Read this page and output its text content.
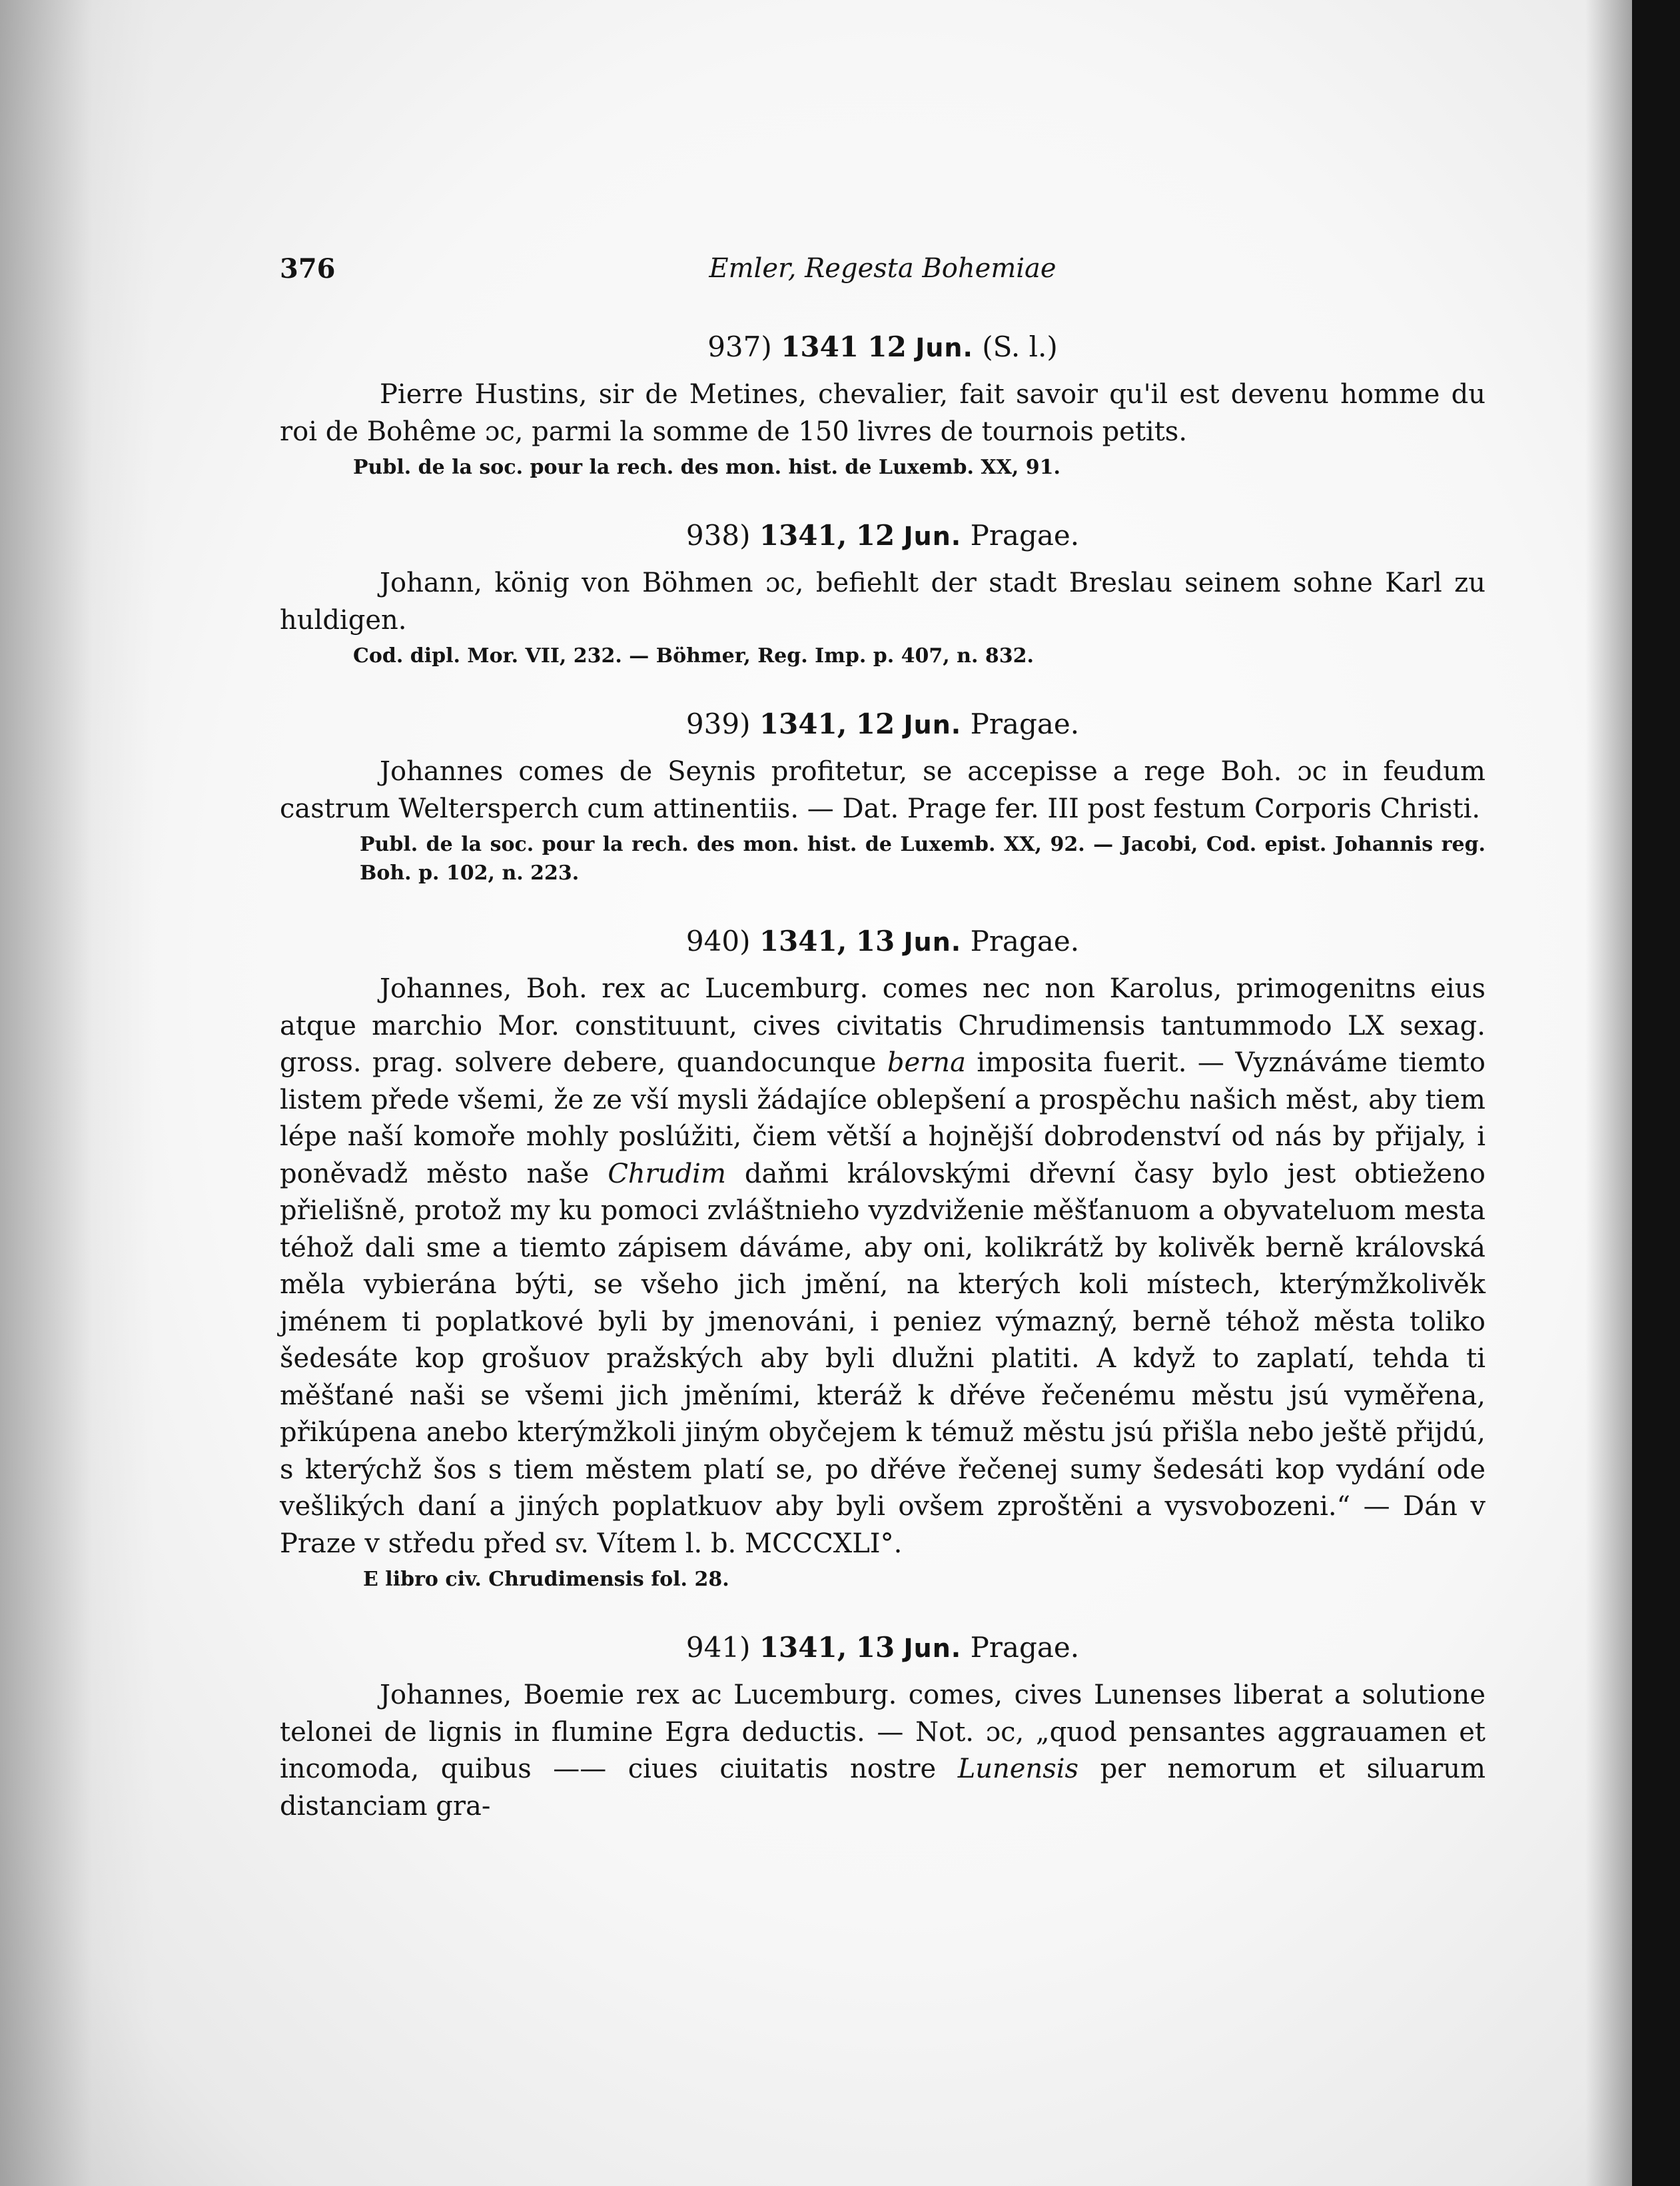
376	Emler, Regesta Bohemiae
937) 1341 12 Jun. (S. l.)

Pierre Hustins, sir de Metines, chevalier, fait savoir qu'il est devenu homme du roi de Bohême ɔc, parmi la somme de 150 livres de tournois petits.

Publ. de la soc. pour la rech. des mon. hist. de Luxemb. XX, 91.

938) 1341, 12 Jun. Pragae.

Johann, könig von Böhmen ɔc, befiehlt der stadt Breslau seinem sohne Karl zu huldigen.

Cod. dipl. Mor. VII, 232. — Böhmer, Reg. Imp. p. 407, n. 832.

939) 1341, 12 Jun. Pragae.

Johannes comes de Seynis profitetur, se accepisse a rege Boh. ɔc in feudum castrum Weltersperch cum attinentiis. — Dat. Prage fer. III post festum Corporis Christi.

Publ. de la soc. pour la rech. des mon. hist. de Luxemb. XX, 92. — Jacobi, Cod. epist. Johannis reg. Boh. p. 102, n. 223.

940) 1341, 13 Jun. Pragae.

Johannes, Boh. rex ac Lucemburg. comes nec non Karolus, primogenitns eius atque marchio Mor. constituunt, cives civitatis Chrudimensis tantummodo LX sexag. gross. prag. solvere debere, quandocunque berna imposita fuerit. — Vyznáváme tiemto listem přede všemi, že ze vší mysli žádajíce oblepšení a prospěchu našich měst, aby tiem lépe naší komoře mohly poslúžiti, čiem větší a hojnější dobrodenství od nás by přijaly, i poněvadž město naše Chrudim daňmi královskými dřevní časy bylo jest obtieženo přielišně, protož my ku pomoci zvláštnieho vyzdviženie měšťanuom a obyvateluom mesta téhož dali sme a tiemto zápisem dáváme, aby oni, kolikrátž by kolivěk berně královská měla vybierána býti, se všeho jich jmění, na kterých koli místech, kterýmžkolivěk jménem ti poplatkové byli by jmenováni, i peniez výmazný, berně téhož města toliko šedesáte kop grošuov pražských aby byli dlužni platiti. A když to zaplatí, tehda ti měšťané naši se všemi jich jměními, kteráž k dřéve řečenému městu jsú vyměřena, přikúpena anebo kterýmžkoli jiným obyčejem k témuž městu jsú přišla nebo ještě přijdú, s kterýchž šos s tiem městem platí se, po dřéve řečenej sumy šedesáti kop vydání ode vešlikých daní a jiných poplatkuov aby byli ovšem zproštěni a vysvobozeni.“ — Dán v Praze v středu před sv. Vítem l. b. MCCCXLI°.

E libro civ. Chrudimensis fol. 28.

941) 1341, 13 Jun. Pragae.

Johannes, Boemie rex ac Lucemburg. comes, cives Lunenses liberat a solutione telonei de lignis in flumine Egra deductis. — Not. ɔc, „quod pensantes aggrauamen et incomoda, quibus —— ciues ciuitatis nostre Lunensis per nemorum et siluarum distanciam gra-
